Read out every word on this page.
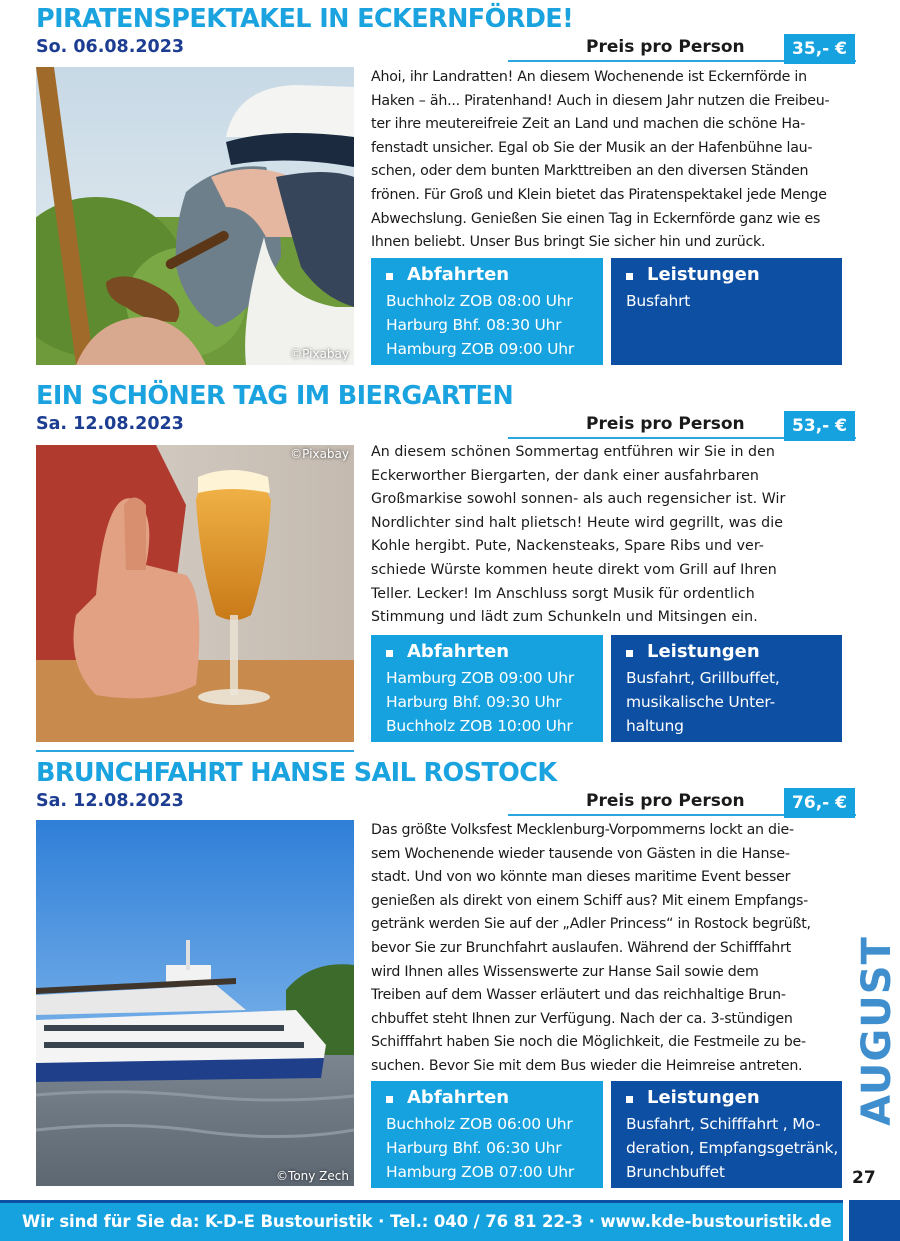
PIRATENSPEKTAKEL IN ECKERNFÖRDE!
So. 06.08.2023	Preis pro Person	35,- €
©Pixabay
Ahoi, ihr Landratten! An diesem Wochenende ist Eckernförde in
Haken – äh... Piratenhand! Auch in diesem Jahr nutzen die Freibeu-
ter ihre meutereifreie Zeit an Land und machen die schöne Ha-
fenstadt unsicher. Egal ob Sie der Musik an der Hafenbühne lau-
schen, oder dem bunten Markttreiben an den diversen Ständen
frönen. Für Groß und Klein bietet das Piratenspektakel jede Menge
Abwechslung. Genießen Sie einen Tag in Eckernförde ganz wie es
Ihnen beliebt. Unser Bus bringt Sie sicher hin und zurück.
Abfahrten
Buchholz ZOB 08:00 Uhr
Harburg Bhf. 08:30 Uhr
Hamburg ZOB 09:00 Uhr
Leistungen
Busfahrt
EIN SCHÖNER TAG IM BIERGARTEN
Sa. 12.08.2023	Preis pro Person	53,- €
©Pixabay An diesem schönen Sommertag entführen wir Sie in den
Eckerworther Biergarten, der dank einer ausfahrbaren
Großmarkise sowohl sonnen- als auch regensicher ist. Wir
Nordlichter sind halt plietsch! Heute wird gegrillt, was die
Kohle hergibt. Pute, Nackensteaks, Spare Ribs und ver-
schiede Würste kommen heute direkt vom Grill auf Ihren
Teller. Lecker! Im Anschluss sorgt Musik für ordentlich
Stimmung und lädt zum Schunkeln und Mitsingen ein.
Abfahrten
Hamburg ZOB 09:00 Uhr
Harburg Bhf. 09:30 Uhr
Buchholz ZOB 10:00 Uhr
Leistungen
Busfahrt, Grillbuffet,
musikalische Unter-
haltung
BRUNCHFAHRT HANSE SAIL ROSTOCK
Sa. 12.08.2023	Preis pro Person	76,- €
©Tony Zech
Das größte Volksfest Mecklenburg-Vorpommerns lockt an die-
sem Wochenende wieder tausende von Gästen in die Hanse-
stadt. Und von wo könnte man dieses maritime Event besser
genießen als direkt von einem Schiff aus? Mit einem Empfangs-
getränk werden Sie auf der „Adler Princess“ in Rostock begrüßt,
bevor Sie zur Brunchfahrt auslaufen. Während der Schifffahrt
wird Ihnen alles Wissenswerte zur Hanse Sail sowie dem
Treiben auf dem Wasser erläutert und das reichhaltige Brun-
chbuffet steht Ihnen zur Verfügung. Nach der ca. 3-stündigen
Schifffahrt haben Sie noch die Möglichkeit, die Festmeile zu be-
suchen. Bevor Sie mit dem Bus wieder die Heimreise antreten.
Abfahrten
Buchholz ZOB 06:00 Uhr
Harburg Bhf. 06:30 Uhr
Hamburg ZOB 07:00 Uhr
Leistungen
Busfahrt, Schifffahrt , Mo-
deration, Empfangsgetränk,
Brunchbuffet
AUGUST
27
Wir sind für Sie da: K-D-E Bustouristik · Tel.: 040 / 76 81 22-3 · www.kde-bustouristik.de
